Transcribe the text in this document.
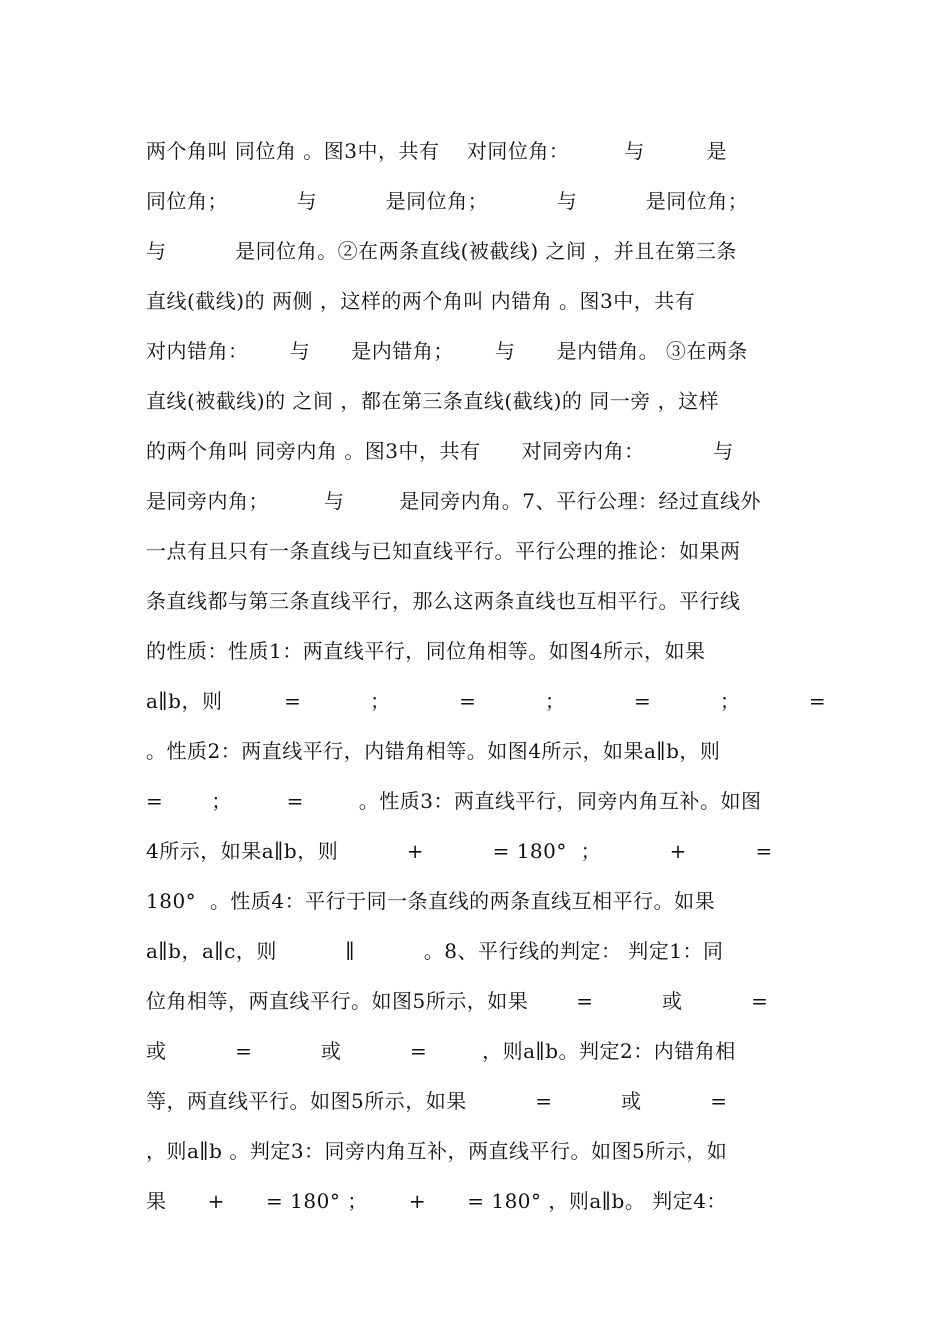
两个角叫 同位角 。图3中，共有    对同位角：        与         是
同位角；          与          是同位角；          与          是同位角；
与          是同位角。②在两条直线(被截线) 之间 ，并且在第三条
直线(截线)的 两侧 ，这样的两个角叫 内错角 。图3中，共有
对内错角：      与      是内错角；      与      是内错角。 ③在两条
直线(被截线)的 之间 ，都在第三条直线(截线)的 同一旁 ，这样
的两个角叫 同旁内角 。图3中，共有      对同旁内角：          与
是同旁内角；        与        是同旁内角。7、平行公理：经过直线外
一点有且只有一条直线与已知直线平行。平行公理的推论：如果两
条直线都与第三条直线平行，那么这两条直线也互相平行。平行线
的性质：性质1：两直线平行，同位角相等。如图4所示，如果
a∥b，则         =          ；          =          ；          =          ；          =
。性质2：两直线平行，内错角相等。如图4所示，如果a∥b，则
=       ；        =        。性质3：两直线平行，同旁内角互补。如图
4所示，如果a∥b，则          +          = 180°  ；          +          =
180°  。性质4：平行于同一条直线的两条直线互相平行。如果
a∥b，a∥c，则          ∥          。8、平行线的判定： 判定1：同
位角相等，两直线平行。如图5所示，如果       =          或          =
或          =          或          =        ，则a∥b。判定2：内错角相
等，两直线平行。如图5所示，如果          =          或          =
，则a∥b 。判定3：同旁内角互补，两直线平行。如图5所示，如
果      +      = 180° ；      +      = 180° ，则a∥b。 判定4：
